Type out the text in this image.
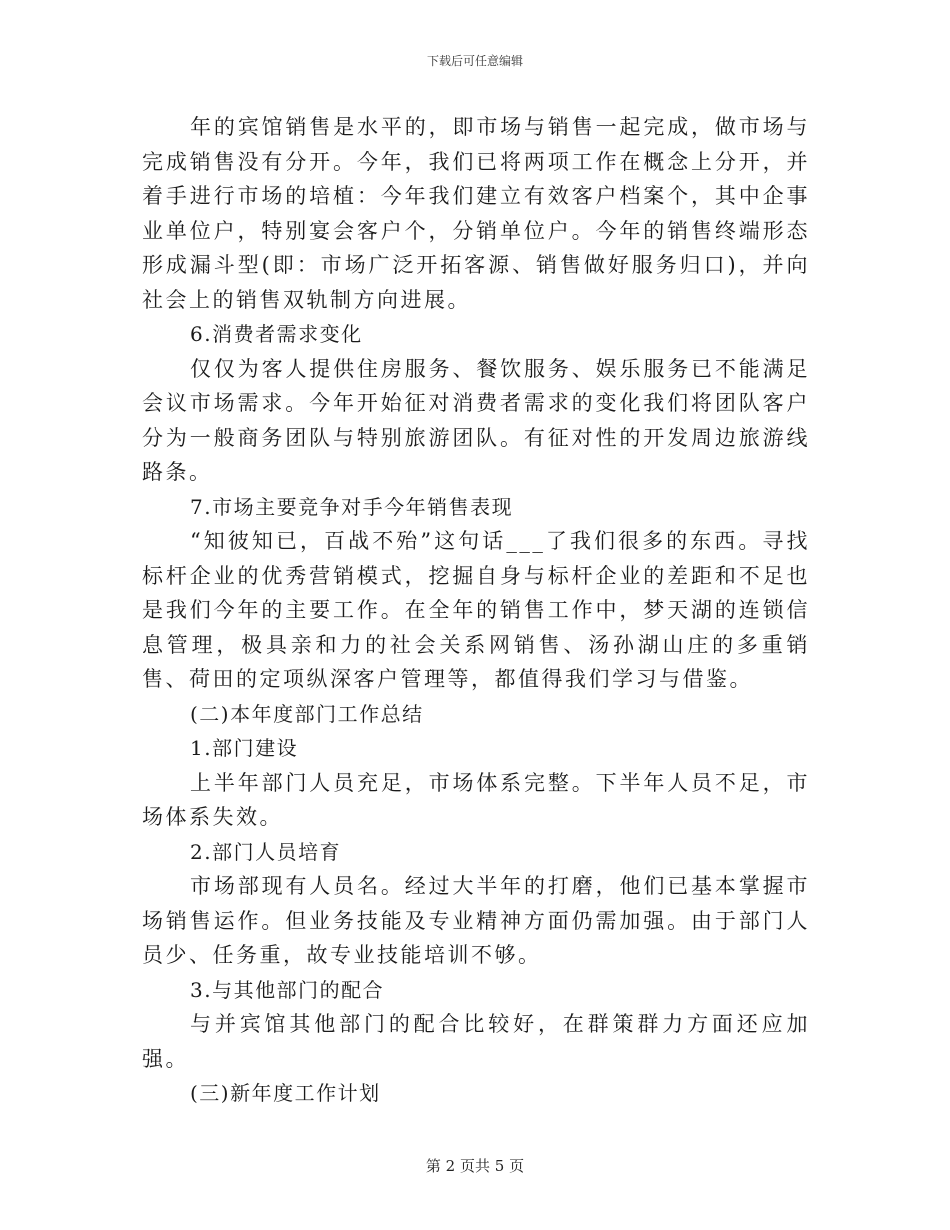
下载后可任意编辑

年的宾馆销售是水平的，即市场与销售一起完成，做市场与完成销售没有分开。今年，我们已将两项工作在概念上分开，并着手进行市场的培植：今年我们建立有效客户档案个，其中企事业单位户，特别宴会客户个，分销单位户。今年的销售终端形态形成漏斗型(即：市场广泛开拓客源、销售做好服务归口)，并向社会上的销售双轨制方向进展。

6.消费者需求变化

仅仅为客人提供住房服务、餐饮服务、娱乐服务已不能满足会议市场需求。今年开始征对消费者需求的变化我们将团队客户分为一般商务团队与特别旅游团队。有征对性的开发周边旅游线路条。

7.市场主要竞争对手今年销售表现

“知彼知已，百战不殆”这句话___了我们很多的东西。寻找标杆企业的优秀营销模式，挖掘自身与标杆企业的差距和不足也是我们今年的主要工作。在全年的销售工作中，梦天湖的连锁信息管理，极具亲和力的社会关系网销售、汤孙湖山庄的多重销售、荷田的定项纵深客户管理等，都值得我们学习与借鉴。

(二)本年度部门工作总结

1.部门建设

上半年部门人员充足，市场体系完整。下半年人员不足，市场体系失效。

2.部门人员培育

市场部现有人员名。经过大半年的打磨，他们已基本掌握市场销售运作。但业务技能及专业精神方面仍需加强。由于部门人员少、任务重，故专业技能培训不够。

3.与其他部门的配合

与并宾馆其他部门的配合比较好，在群策群力方面还应加强。

(三)新年度工作计划

第 2 页共 5 页
